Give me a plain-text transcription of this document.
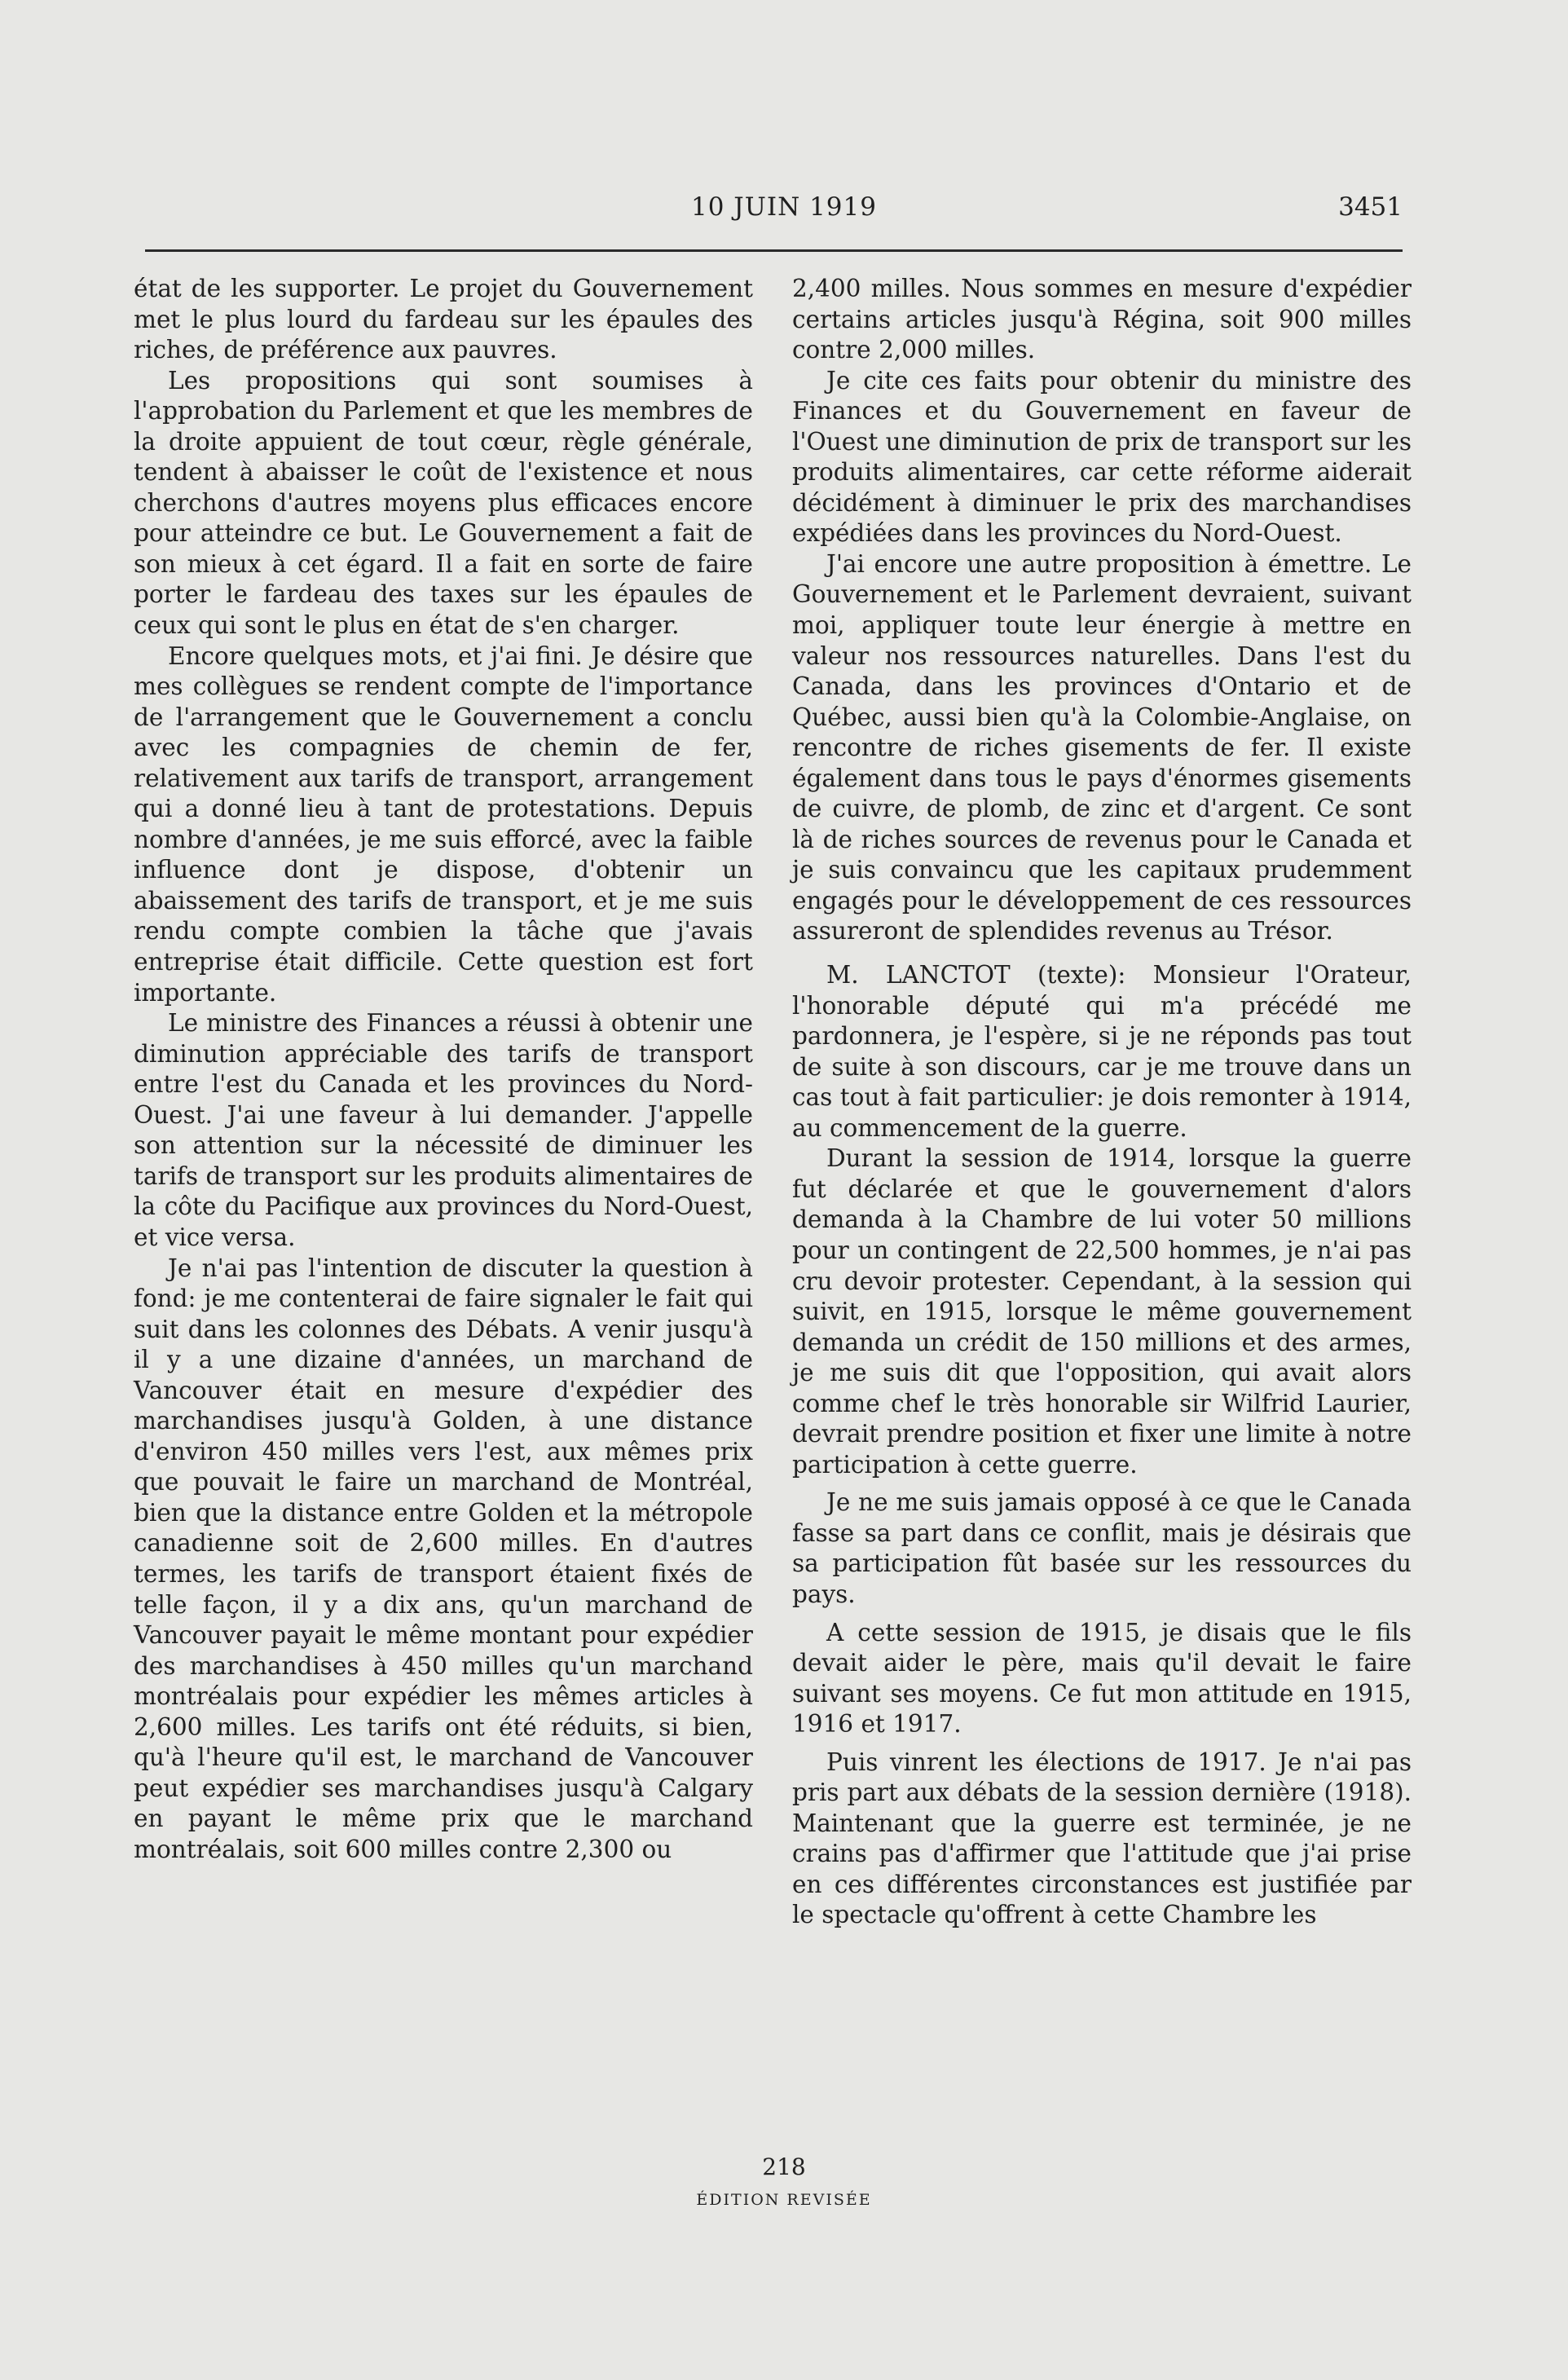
10 JUIN 1919	3451

état de les supporter. Le projet du Gouvernement met le plus lourd du fardeau sur les épaules des riches, de préférence aux pauvres.

Les propositions qui sont soumises à l'approbation du Parlement et que les membres de la droite appuient de tout cœur, règle générale, tendent à abaisser le coût de l'existence et nous cherchons d'autres moyens plus efficaces encore pour atteindre ce but. Le Gouvernement a fait de son mieux à cet égard. Il a fait en sorte de faire porter le fardeau des taxes sur les épaules de ceux qui sont le plus en état de s'en charger.

Encore quelques mots, et j'ai fini. Je désire que mes collègues se rendent compte de l'importance de l'arrangement que le Gouvernement a conclu avec les compagnies de chemin de fer, relativement aux tarifs de transport, arrangement qui a donné lieu à tant de protestations. Depuis nombre d'années, je me suis efforcé, avec la faible influence dont je dispose, d'obtenir un abaissement des tarifs de transport, et je me suis rendu compte combien la tâche que j'avais entreprise était difficile. Cette question est fort importante.

Le ministre des Finances a réussi à obtenir une diminution appréciable des tarifs de transport entre l'est du Canada et les provinces du Nord-Ouest. J'ai une faveur à lui demander. J'appelle son attention sur la nécessité de diminuer les tarifs de transport sur les produits alimentaires de la côte du Pacifique aux provinces du Nord-Ouest, et vice versa.

Je n'ai pas l'intention de discuter la question à fond: je me contenterai de faire signaler le fait qui suit dans les colonnes des Débats. A venir jusqu'à il y a une dizaine d'années, un marchand de Vancouver était en mesure d'expédier des marchandises jusqu'à Golden, à une distance d'environ 450 milles vers l'est, aux mêmes prix que pouvait le faire un marchand de Montréal, bien que la distance entre Golden et la métropole canadienne soit de 2,600 milles. En d'autres termes, les tarifs de transport étaient fixés de telle façon, il y a dix ans, qu'un marchand de Vancouver payait le même montant pour expédier des marchandises à 450 milles qu'un marchand montréalais pour expédier les mêmes articles à 2,600 milles. Les tarifs ont été réduits, si bien, qu'à l'heure qu'il est, le marchand de Vancouver peut expédier ses marchandises jusqu'à Calgary en payant le même prix que le marchand montréalais, soit 600 milles contre 2,300 ou

2,400 milles. Nous sommes en mesure d'expédier certains articles jusqu'à Régina, soit 900 milles contre 2,000 milles.

Je cite ces faits pour obtenir du ministre des Finances et du Gouvernement en faveur de l'Ouest une diminution de prix de transport sur les produits alimentaires, car cette réforme aiderait décidément à diminuer le prix des marchandises expédiées dans les provinces du Nord-Ouest.

J'ai encore une autre proposition à émettre. Le Gouvernement et le Parlement devraient, suivant moi, appliquer toute leur énergie à mettre en valeur nos ressources naturelles. Dans l'est du Canada, dans les provinces d'Ontario et de Québec, aussi bien qu'à la Colombie-Anglaise, on rencontre de riches gisements de fer. Il existe également dans tous le pays d'énormes gisements de cuivre, de plomb, de zinc et d'argent. Ce sont là de riches sources de revenus pour le Canada et je suis convaincu que les capitaux prudemment engagés pour le développement de ces ressources assureront de splendides revenus au Trésor.

M. LANCTOT (texte): Monsieur l'Orateur, l'honorable député qui m'a précédé me pardonnera, je l'espère, si je ne réponds pas tout de suite à son discours, car je me trouve dans un cas tout à fait particulier: je dois remonter à 1914, au commencement de la guerre.

Durant la session de 1914, lorsque la guerre fut déclarée et que le gouvernement d'alors demanda à la Chambre de lui voter 50 millions pour un contingent de 22,500 hommes, je n'ai pas cru devoir protester. Cependant, à la session qui suivit, en 1915, lorsque le même gouvernement demanda un crédit de 150 millions et des armes, je me suis dit que l'opposition, qui avait alors comme chef le très honorable sir Wilfrid Laurier, devrait prendre position et fixer une limite à notre participation à cette guerre.

Je ne me suis jamais opposé à ce que le Canada fasse sa part dans ce conflit, mais je désirais que sa participation fût basée sur les ressources du pays.

A cette session de 1915, je disais que le fils devait aider le père, mais qu'il devait le faire suivant ses moyens. Ce fut mon attitude en 1915, 1916 et 1917.

Puis vinrent les élections de 1917. Je n'ai pas pris part aux débats de la session dernière (1918). Maintenant que la guerre est terminée, je ne crains pas d'affirmer que l'attitude que j'ai prise en ces différentes circonstances est justifiée par le spectacle qu'offrent à cette Chambre les

218
ÉDITION REVISÉE
